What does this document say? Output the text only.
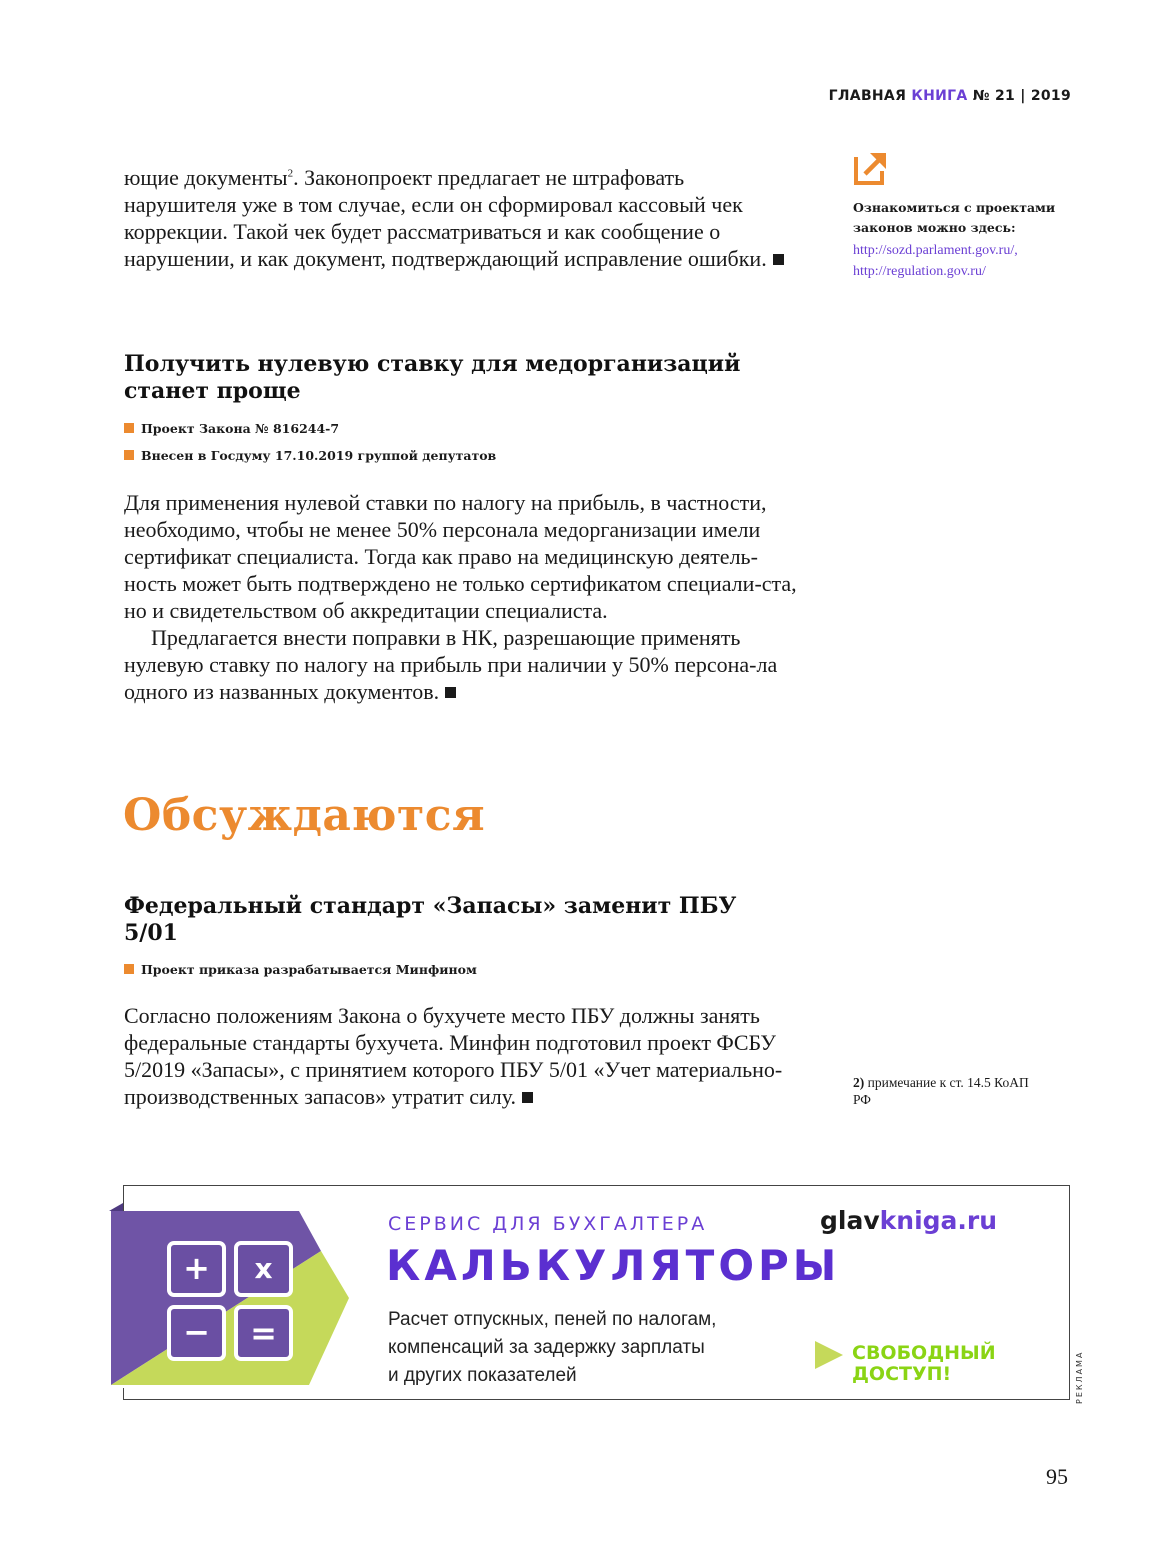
ГЛАВНАЯ КНИГА № 21 | 2019
Ознакомиться с проектами законов можно здесь:
http://sozd.parlament.gov.ru/,
http://regulation.gov.ru/

ющие документы$^2$. Законопроект предлагает не штрафовать нарушителя уже в том случае, если он сформировал кассовый чек коррекции. Такой чек будет рассматриваться и как сообщение о нарушении, и как документ, подтверждающий исправление ошибки.

Получить нулевую ставку для медорганизаций станет проще
Проект Закона № 816244-7
Внесен в Госдуму 17.10.2019 группой депутатов

Для применения нулевой ставки по налогу на прибыль, в частности, необходимо, чтобы не менее 50% персонала медорганизации имели сертификат специалиста. Тогда как право на медицинскую деятель-ность может быть подтверждено не только сертификатом специали-ста, но и свидетельством об аккредитации специалиста.

Предлагается внести поправки в НК, разрешающие применять нулевую ставку по налогу на прибыль при наличии у 50% персона-ла одного из названных документов.

Обсуждаются
Федеральный стандарт «Запасы» заменит ПБУ 5/01
Проект приказа разрабатывается Минфином

Согласно положениям Закона о бухучете место ПБУ должны занять федеральные стандарты бухучета. Минфин подготовил проект ФСБУ 5/2019 «Запасы», с принятием которого ПБУ 5/01 «Учет материально-производственных запасов» утратит силу.

2) примечание к ст. 14.5 КоАП РФ
+ x
− =
СЕРВИС ДЛЯ БУХГАЛТЕРА
КАЛЬКУЛЯТОРЫ
Расчет отпускных, пеней по налогам,
компенсаций за задержку зарплаты
и других показателей
glavkniga.ru
СВОБОДНЫЙ
ДОСТУП!	РЕКЛАМА
95
